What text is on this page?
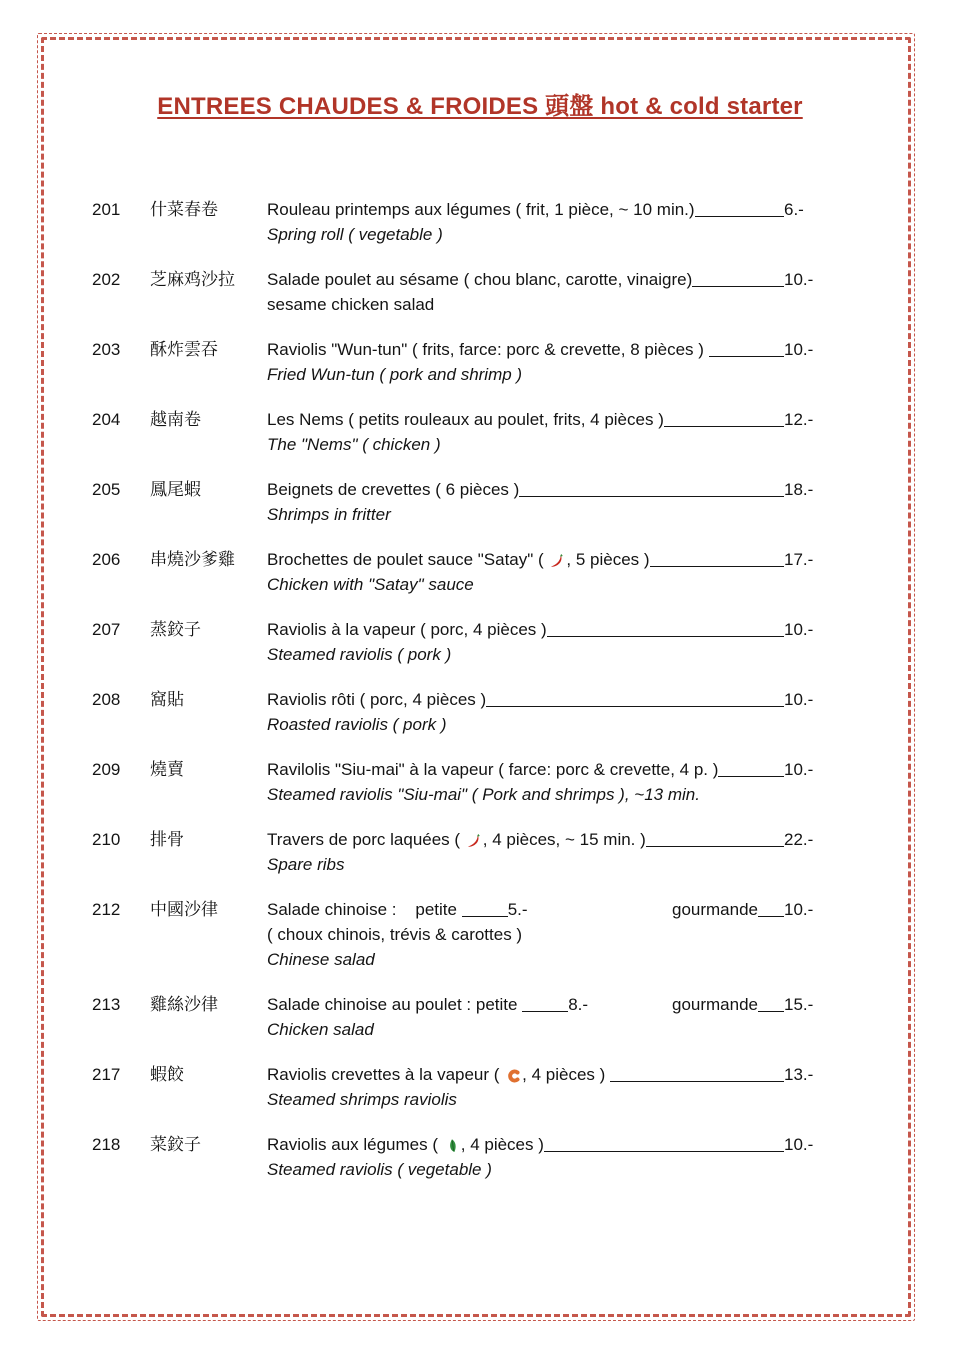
ENTREES CHAUDES & FROIDES 頭盤 hot & cold starter
201	什菜春卷	Rouleau printemps aux légumes ( frit, 1 pièce, ~ 10 min.)	6.-
Spring roll ( vegetable )
202	芝麻鸡沙拉	Salade poulet au sésame ( chou blanc, carotte, vinaigre)	10.-
sesame chicken salad
203	酥炸雲吞	Raviolis "Wun-tun" ( frits, farce: porc & crevette, 8 pièces )	10.-
Fried Wun-tun ( pork and shrimp )
204	越南卷	Les Nems ( petits rouleaux au poulet, frits, 4 pièces )	12.-
The "Nems" ( chicken )
205	鳳尾蝦	Beignets de crevettes ( 6 pièces )	18.-
Shrimps in fritter
206	串燒沙爹雞	Brochettes de poulet sauce "Satay" ( , 5 pièces )	17.-
Chicken with "Satay" sauce
207	蒸鉸子	Raviolis à la vapeur ( porc, 4 pièces )	10.-
Steamed raviolis ( pork )
208	窩貼	Raviolis rôti ( porc, 4 pièces )	10.-
Roasted raviolis ( pork )
209	燒賣	Ravilolis "Siu-mai" à la vapeur ( farce: porc & crevette, 4 p. )	10.-
Steamed raviolis "Siu-mai" ( Pork and shrimps ), ~13 min.
210	排骨	Travers de porc laquées ( , 4 pièces, ~ 15 min. )	22.-
Spare ribs
212	中國沙律	Salade chinoise :    petite	5.-	gourmande 10.-
( choux chinois, trévis & carottes )
Chinese salad
213	雞絲沙律	Salade chinoise au poulet : petite	8.-	gourmande 15.-
Chicken salad
217	蝦餃	Raviolis crevettes à la vapeur ( , 4 pièces )	13.-
Steamed shrimps raviolis
218	菜鉸子	Raviolis aux légumes ( , 4 pièces )	10.-
Steamed raviolis ( vegetable )
